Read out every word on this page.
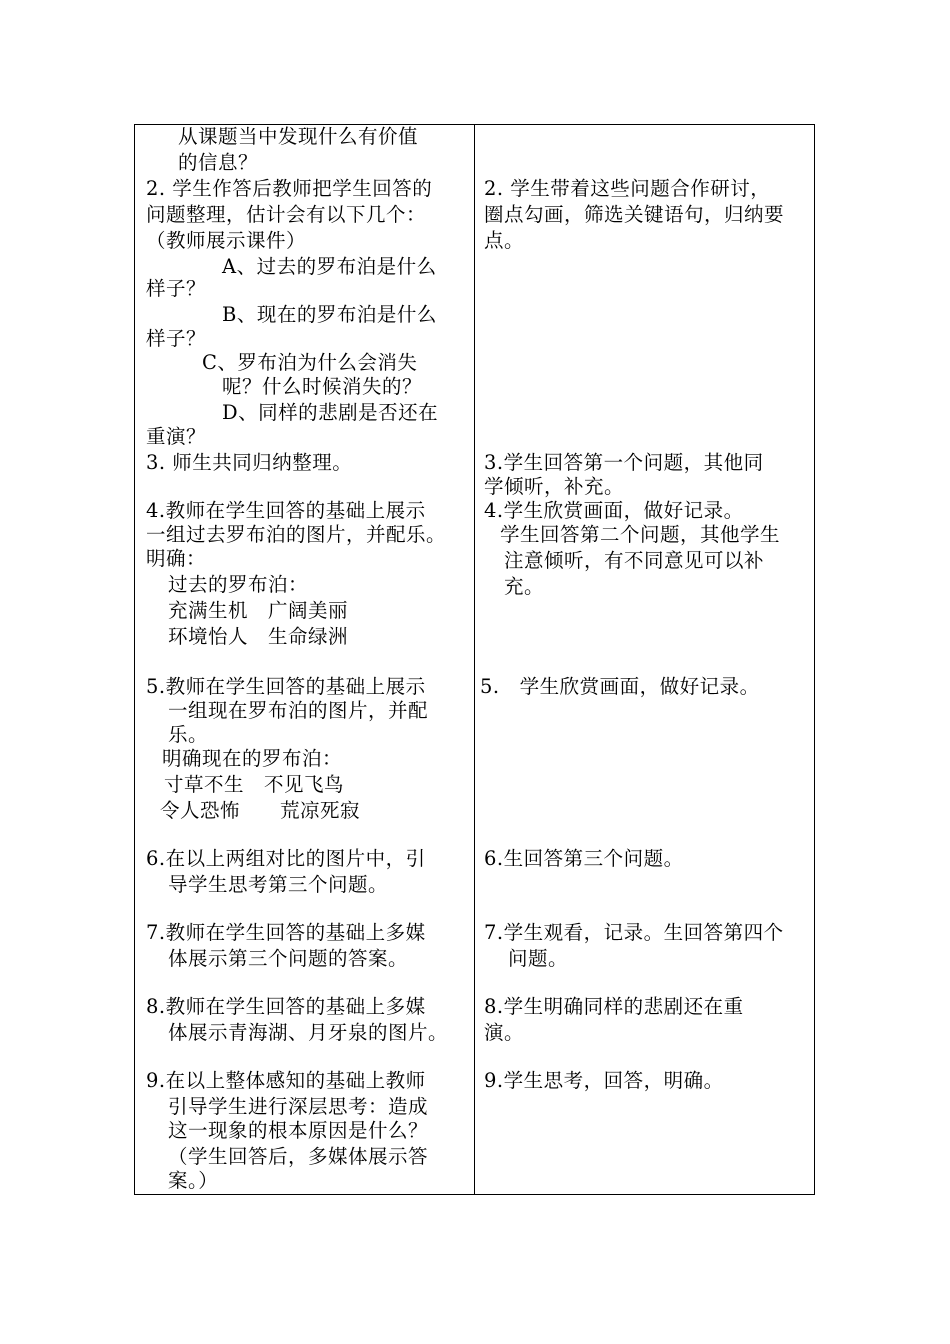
从课题当中发现什么有价值
的信息？
2. 学生作答后教师把学生回答的
问题整理，估计会有以下几个：
（教师展示课件）
A、过去的罗布泊是什么
样子？
B、现在的罗布泊是什么
样子？
C、罗布泊为什么会消失
呢？什么时候消失的？
D、同样的悲剧是否还在
重演？
3. 师生共同归纳整理。
4.教师在学生回答的基础上展示
一组过去罗布泊的图片，并配乐。
明确：
过去的罗布泊：
充满生机　广阔美丽
环境怡人　生命绿洲
5.教师在学生回答的基础上展示
一组现在罗布泊的图片，并配
乐。
明确现在的罗布泊：
寸草不生　不见飞鸟
令人恐怖　　荒凉死寂
6.在以上两组对比的图片中，引
导学生思考第三个问题。
7.教师在学生回答的基础上多媒
体展示第三个问题的答案。
8.教师在学生回答的基础上多媒
体展示青海湖、月牙泉的图片。
9.在以上整体感知的基础上教师
引导学生进行深层思考：造成
这一现象的根本原因是什么？
（学生回答后，多媒体展示答
案。）
2. 学生带着这些问题合作研讨，
圈点勾画，筛选关键语句，归纳要
点。
3.学生回答第一个问题，其他同
学倾听，补充。
4.学生欣赏画面，做好记录。
学生回答第二个问题，其他学生
注意倾听，有不同意见可以补
充。
5.　学生欣赏画面，做好记录。
6.生回答第三个问题。
7.学生观看，记录。生回答第四个
问题。
8.学生明确同样的悲剧还在重
演。
9.学生思考，回答，明确。
